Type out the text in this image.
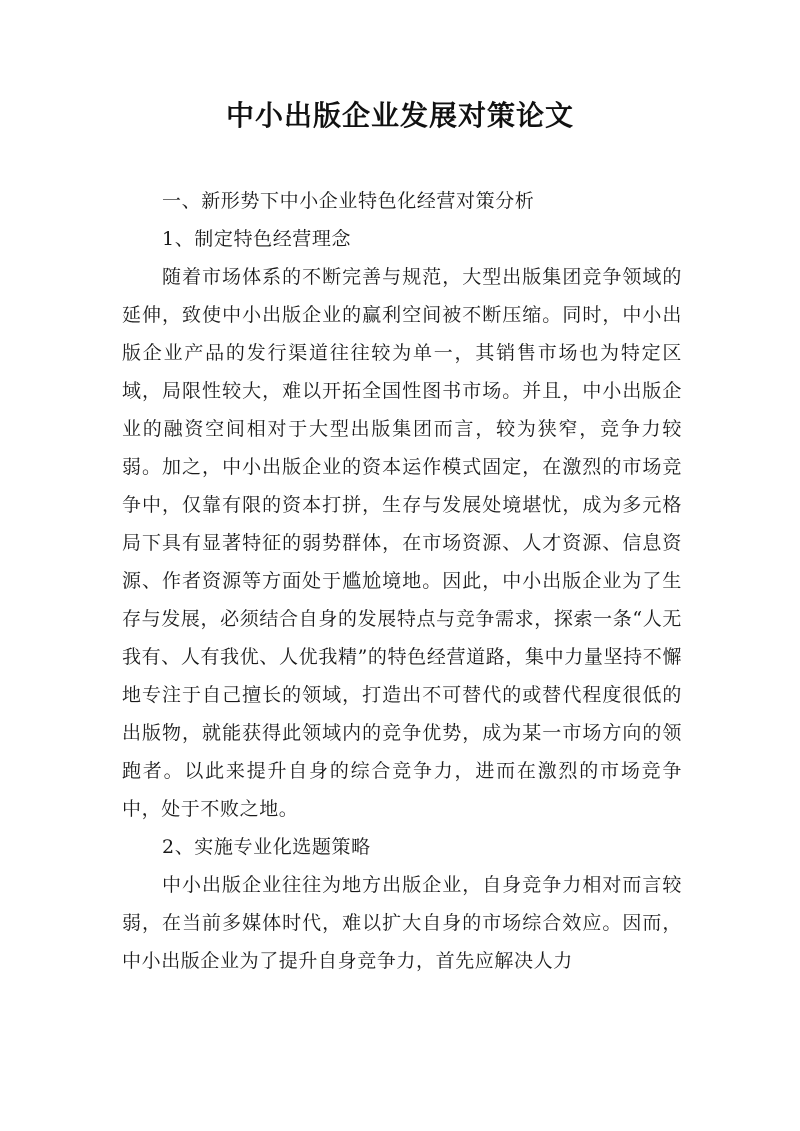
中小出版企业发展对策论文

一、新形势下中小企业特色化经营对策分析

1、制定特色经营理念

随着市场体系的不断完善与规范，大型出版集团竞争领域的延伸，致使中小出版企业的赢利空间被不断压缩。同时，中小出版企业产品的发行渠道往往较为单一，其销售市场也为特定区域，局限性较大，难以开拓全国性图书市场。并且，中小出版企业的融资空间相对于大型出版集团而言，较为狭窄，竞争力较弱。加之，中小出版企业的资本运作模式固定，在激烈的市场竞争中，仅靠有限的资本打拼，生存与发展处境堪忧，成为多元格局下具有显著特征的弱势群体，在市场资源、人才资源、信息资源、作者资源等方面处于尴尬境地。因此，中小出版企业为了生存与发展，必须结合自身的发展特点与竞争需求，探索一条“人无我有、人有我优、人优我精”的特色经营道路，集中力量坚持不懈地专注于自己擅长的领域，打造出不可替代的或替代程度很低的出版物，就能获得此领域内的竞争优势，成为某一市场方向的领跑者。以此来提升自身的综合竞争力，进而在激烈的市场竞争中，处于不败之地。

2、实施专业化选题策略

中小出版企业往往为地方出版企业，自身竞争力相对而言较弱，在当前多媒体时代，难以扩大自身的市场综合效应。因而，中小出版企业为了提升自身竞争力，首先应解决人力
